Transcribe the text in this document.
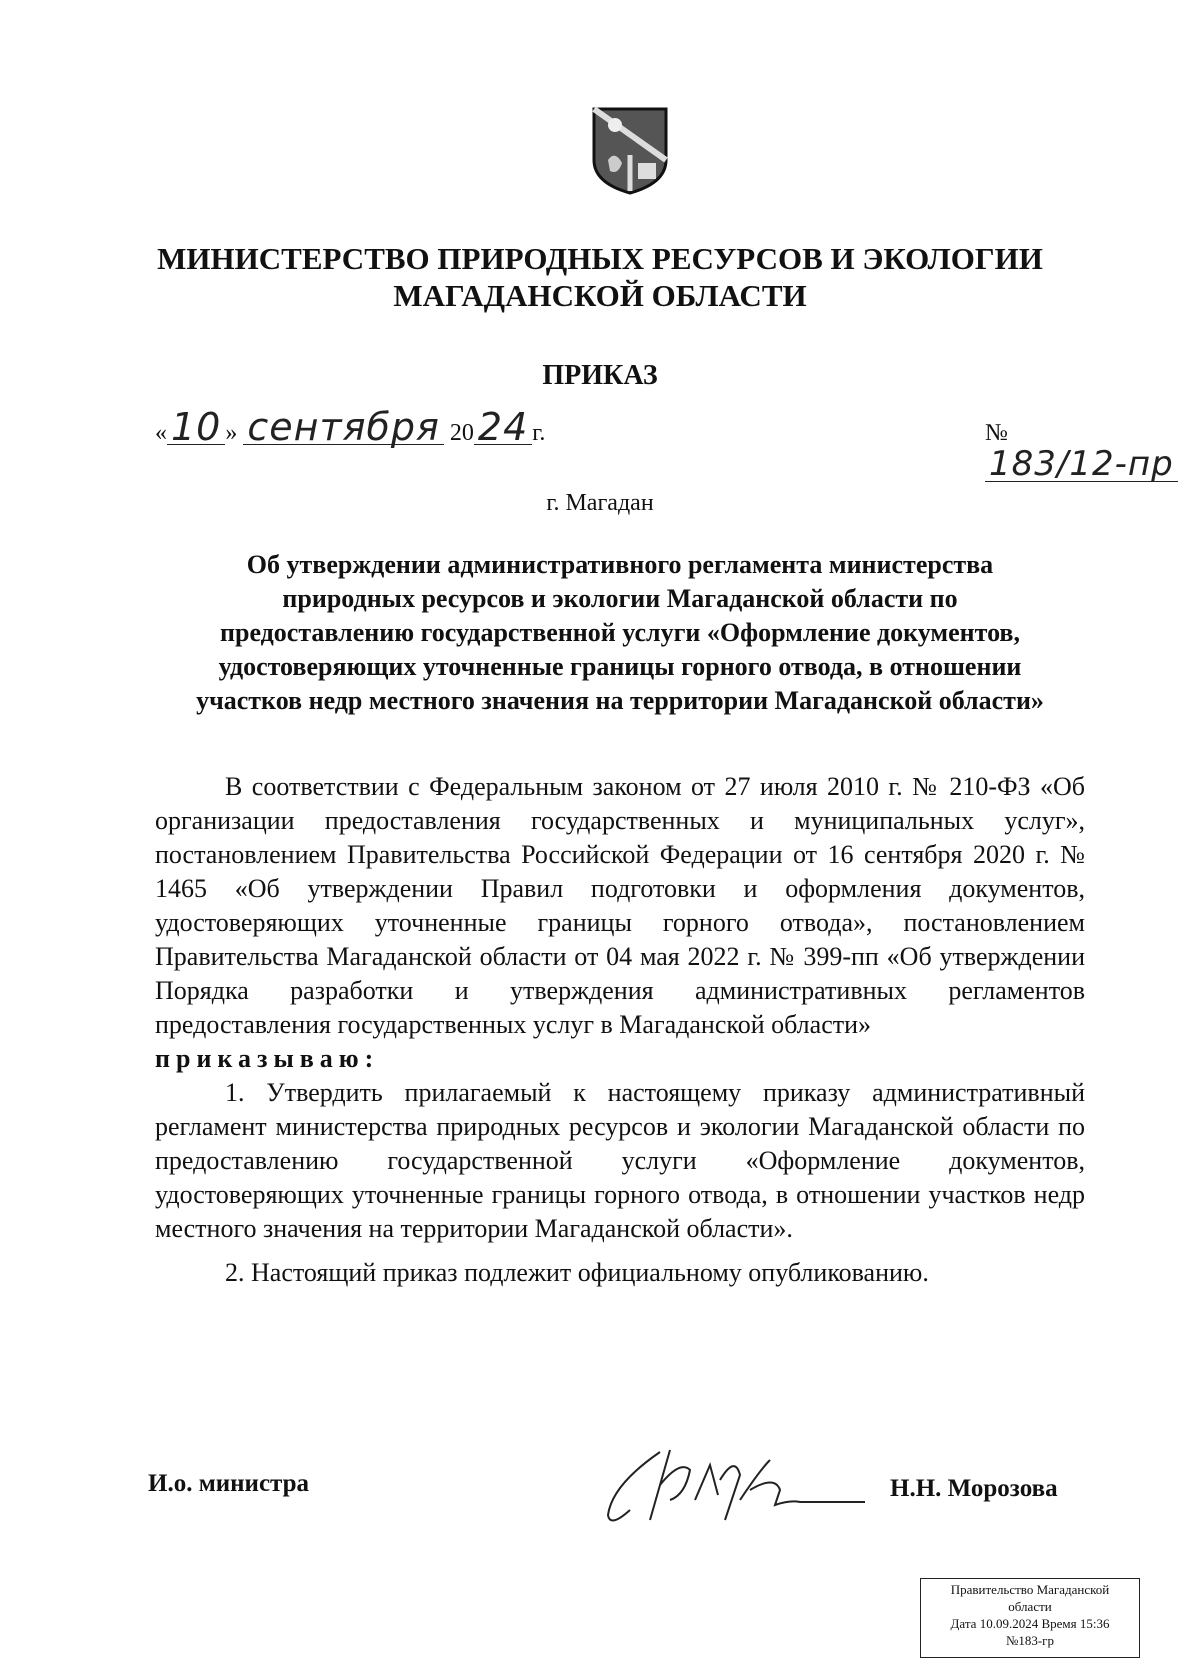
МИНИСТЕРСТВО ПРИРОДНЫХ РЕСУРСОВ И ЭКОЛОГИИ
МАГАДАНСКОЙ ОБЛАСТИ
ПРИКАЗ
« 10 » сентября 20 24 г.	№ 183/12-пр
г. Магадан
Об утверждении административного регламента министерства
природных ресурсов и экологии Магаданской области по
предоставлению государственной услуги «Оформление документов,
удостоверяющих уточненные границы горного отвода, в отношении
участков недр местного значения на территории Магаданской области»

В соответствии с Федеральным законом от 27 июля 2010 г. № 210-ФЗ «Об организации предоставления государственных и муниципальных услуг», постановлением Правительства Российской Федерации от 16 сентября 2020 г. № 1465 «Об утверждении Правил подготовки и оформления документов, удостоверяющих уточненные границы горного отвода», постановлением Правительства Магаданской области от 04 мая 2022 г. № 399-пп «Об утверждении Порядка разработки и утверждения административных регламентов предоставления государственных услуг в Магаданской области»

приказываю:

1. Утвердить прилагаемый к настоящему приказу административный регламент министерства природных ресурсов и экологии Магаданской области по предоставлению государственной услуги «Оформление документов, удостоверяющих уточненные границы горного отвода, в отношении участков недр местного значения на территории Магаданской области».

2. Настоящий приказ подлежит официальному опубликованию.

И.о. министра	Н.Н. Морозова
Правительство Магаданской
области
Дата 10.09.2024 Время 15:36
№183-гр
